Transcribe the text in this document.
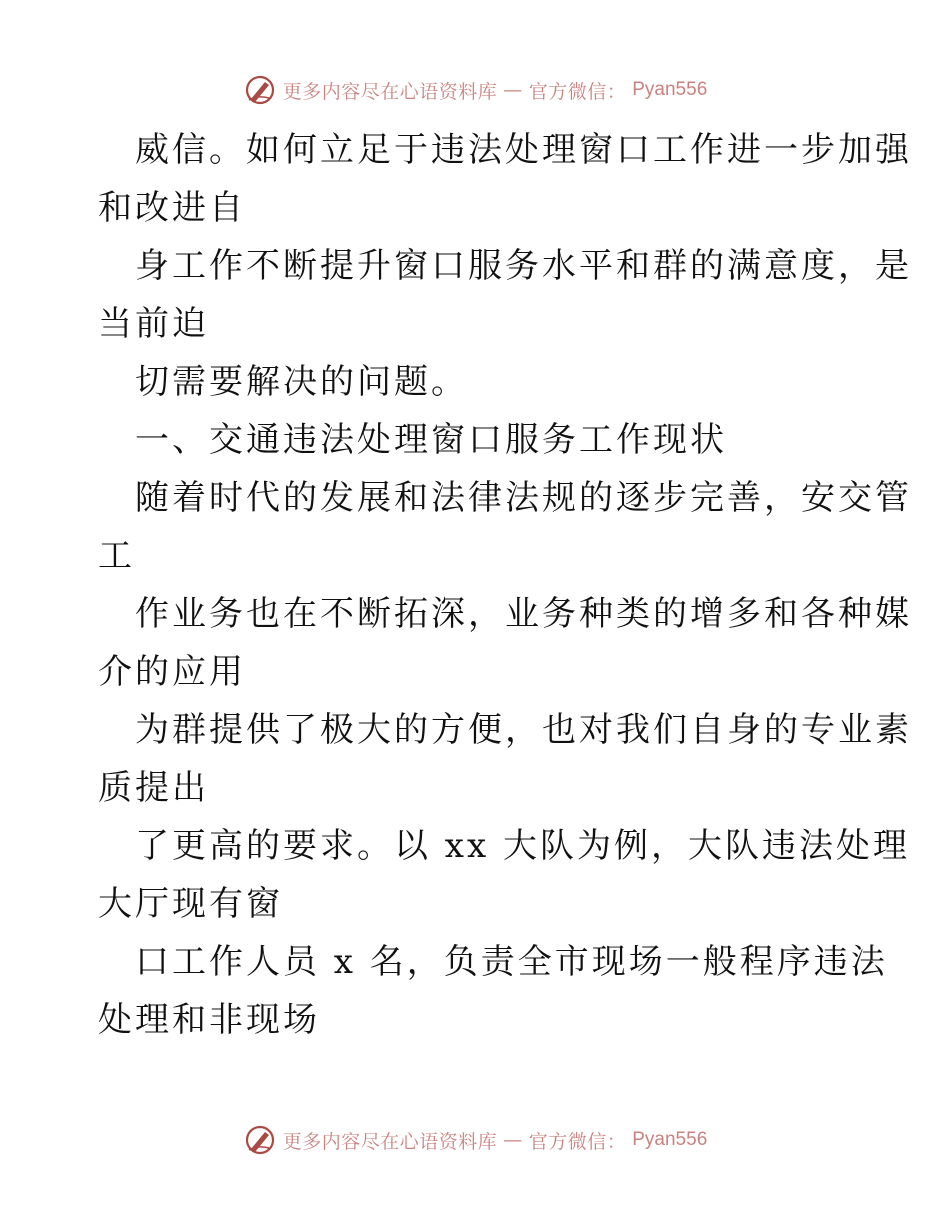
更多内容尽在心语资料库 — 官方微信： Pyan556
威信。如何立足于违法处理窗口工作进一步加强
和改进自
身工作不断提升窗口服务水平和群的满意度，是
当前迫
切需要解决的问题。
一、交通违法处理窗口服务工作现状
随着时代的发展和法律法规的逐步完善，安交管
工
作业务也在不断拓深，业务种类的增多和各种媒
介的应用
为群提供了极大的方便，也对我们自身的专业素
质提出
了更高的要求。以 xx 大队为例，大队违法处理
大厅现有窗
口工作人员 x 名，负责全市现场一般程序违法
处理和非现场
更多内容尽在心语资料库 — 官方微信： Pyan556
